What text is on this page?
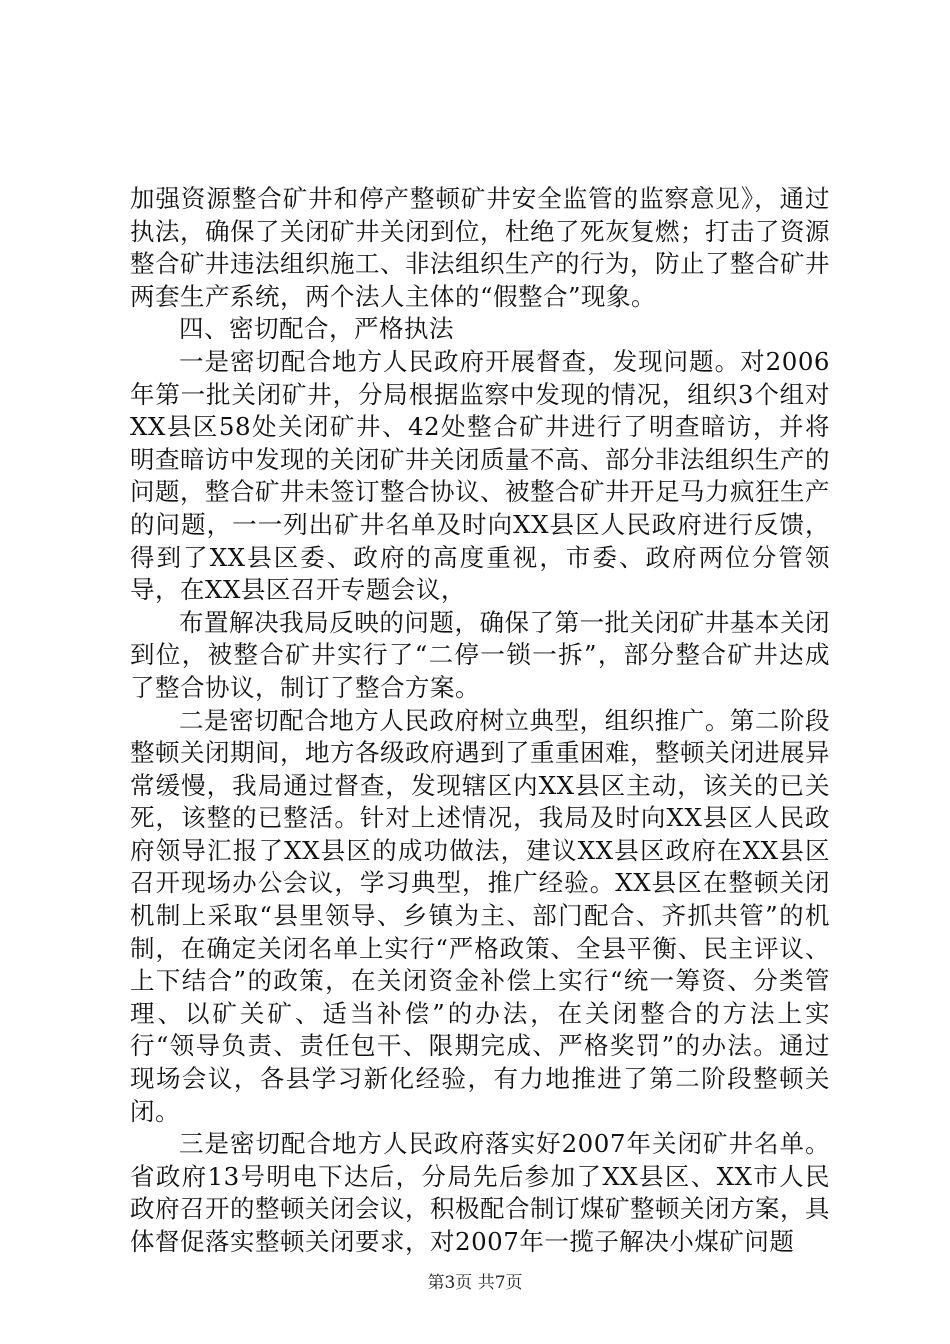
加强资源整合矿井和停产整顿矿井安全监管的监察意见》，通过执法，确保了关闭矿井关闭到位，杜绝了死灰复燃；打击了资源整合矿井违法组织施工、非法组织生产的行为，防止了整合矿井两套生产系统，两个法人主体的“假整合”现象。

四、密切配合，严格执法

一是密切配合地方人民政府开展督查，发现问题。对2006年第一批关闭矿井，分局根据监察中发现的情况，组织3个组对XX县区58处关闭矿井、42处整合矿井进行了明查暗访，并将明查暗访中发现的关闭矿井关闭质量不高、部分非法组织生产的问题，整合矿井未签订整合协议、被整合矿井开足马力疯狂生产的问题，一一列出矿井名单及时向XX县区人民政府进行反馈，得到了XX县区委、政府的高度重视，市委、政府两位分管领导，在XX县区召开专题会议，

布置解决我局反映的问题，确保了第一批关闭矿井基本关闭到位，被整合矿井实行了“二停一锁一拆”，部分整合矿井达成了整合协议，制订了整合方案。

二是密切配合地方人民政府树立典型，组织推广。第二阶段整顿关闭期间，地方各级政府遇到了重重困难，整顿关闭进展异常缓慢，我局通过督查，发现辖区内XX县区主动，该关的已关死，该整的已整活。针对上述情况，我局及时向XX县区人民政府领导汇报了XX县区的成功做法，建议XX县区政府在XX县区召开现场办公会议，学习典型，推广经验。XX县区在整顿关闭机制上采取“县里领导、乡镇为主、部门配合、齐抓共管”的机制，在确定关闭名单上实行“严格政策、全县平衡、民主评议、上下结合”的政策，在关闭资金补偿上实行“统一筹资、分类管理、以矿关矿、适当补偿”的办法，在关闭整合的方法上实行“领导负责、责任包干、限期完成、严格奖罚”的办法。通过现场会议，各县学习新化经验，有力地推进了第二阶段整顿关闭。

三是密切配合地方人民政府落实好2007年关闭矿井名单。省政府13号明电下达后，分局先后参加了XX县区、XX市人民政府召开的整顿关闭会议，积极配合制订煤矿整顿关闭方案，具体督促落实整顿关闭要求，对2007年一揽子解决小煤矿问题

第3页 共7页
